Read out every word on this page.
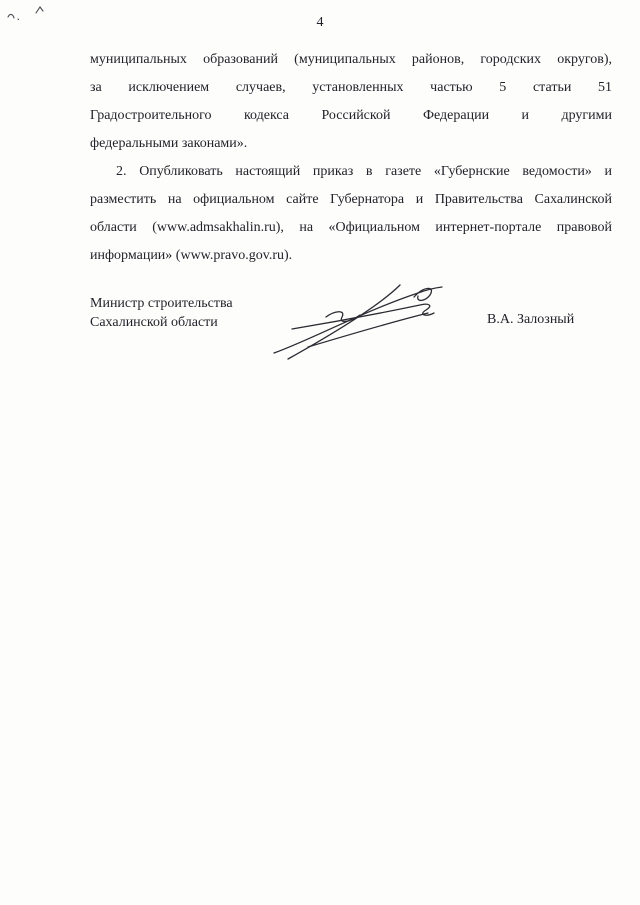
4
муниципальных образований (муниципальных районов, городских округов),
за исключением случаев, установленных частью 5 статьи 51
Градостроительного кодекса Российской Федерации и другими
федеральными законами».
2. Опубликовать настоящий приказ в газете «Губернские ведомости» и
разместить на официальном сайте Губернатора и Правительства Сахалинской
области (www.admsakhalin.ru), на «Официальном интернет-портале правовой
информации» (www.pravo.gov.ru).
Министр строительства
Сахалинской области	В.А. Залозный
